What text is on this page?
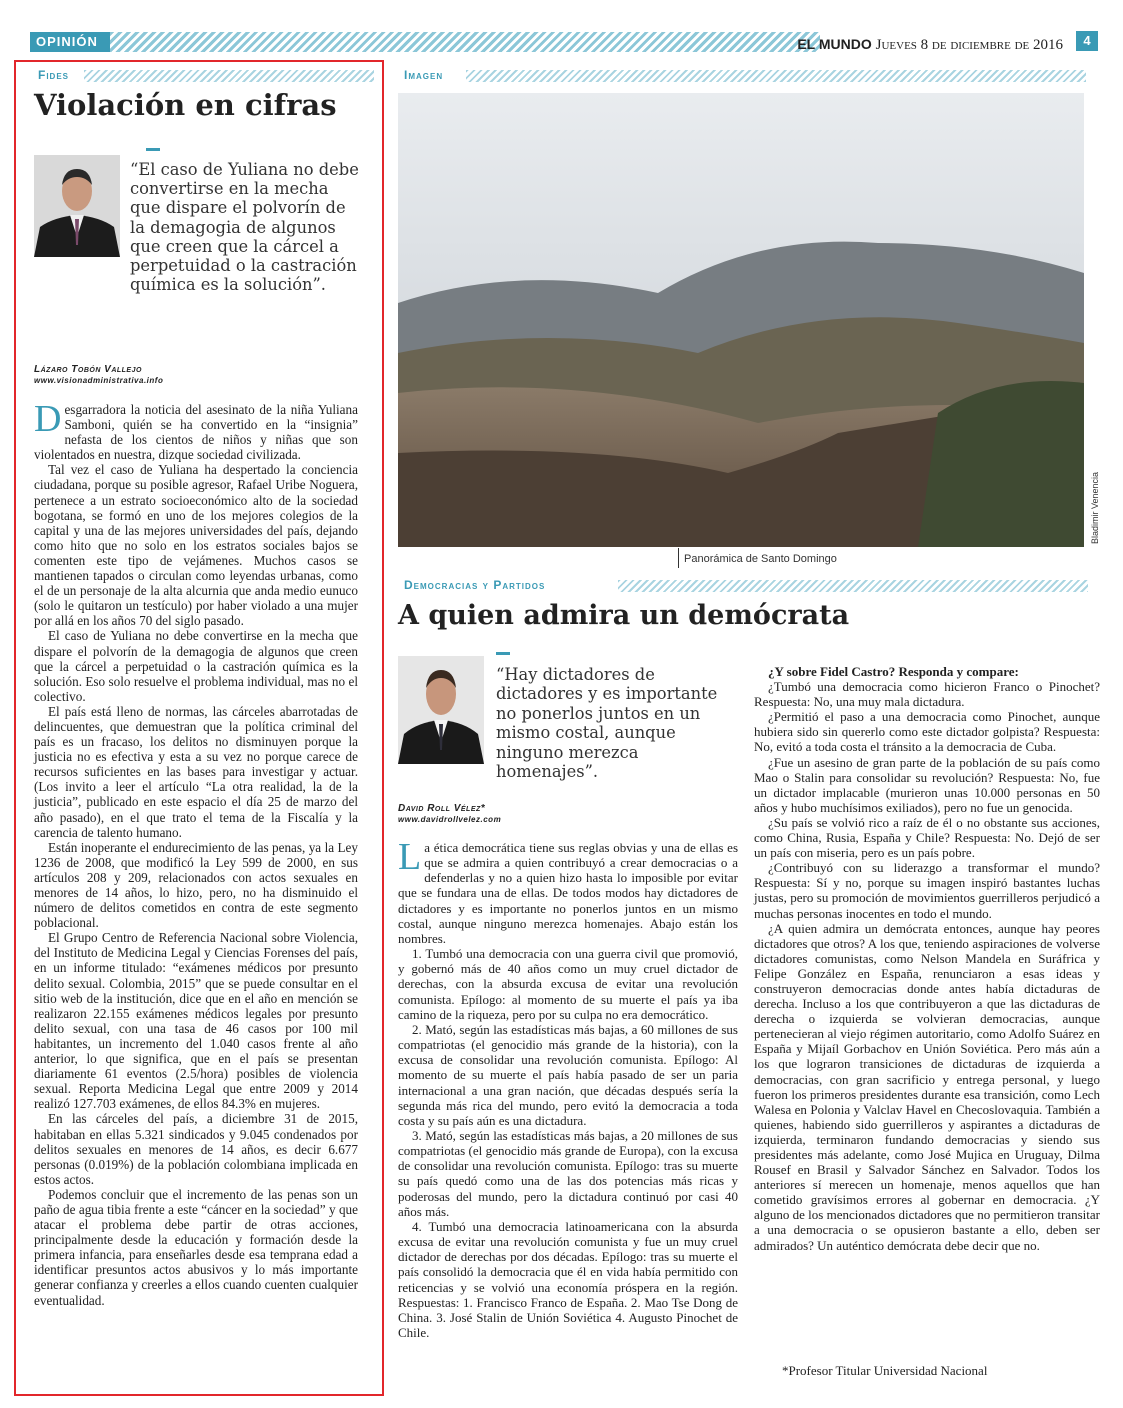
OPINIÓN	EL MUNDO Jueves 8 de diciembre de 2016	4
Fides
Violación en cifras
“El caso de Yuliana no debe convertirse en la mecha que dispare el polvorín de la demagogia de algunos que creen que la cárcel a perpetuidad o la castración química es la solución”.
Lázaro Tobón Vallejo
www.visionadministrativa.info

Desgarradora la noticia del asesinato de la niña Yuliana Samboni, quién se ha convertido en la “insignia” nefasta de los cientos de niños y niñas que son violentados en nuestra, dizque sociedad civilizada.

Tal vez el caso de Yuliana ha despertado la conciencia ciudadana, porque su posible agresor, Rafael Uribe Noguera, pertenece a un estrato socioeconómico alto de la sociedad bogotana, se formó en uno de los mejores colegios de la capital y una de las mejores universidades del país, dejando como hito que no solo en los estratos sociales bajos se comenten este tipo de vejámenes. Muchos casos se mantienen tapados o circulan como leyendas urbanas, como el de un personaje de la alta alcurnia que anda medio eunuco (solo le quitaron un testículo) por haber violado a una mujer por allá en los años 70 del siglo pasado.

El caso de Yuliana no debe convertirse en la mecha que dispare el polvorín de la demagogia de algunos que creen que la cárcel a perpetuidad o la castración química es la solución. Eso solo resuelve el problema individual, mas no el colectivo.

El país está lleno de normas, las cárceles abarrotadas de delincuentes, que demuestran que la política criminal del país es un fracaso, los delitos no disminuyen porque la justicia no es efectiva y esta a su vez no porque carece de recursos suficientes en las bases para investigar y actuar. (Los invito a leer el artículo “La otra realidad, la de la justicia”, publicado en este espacio el día 25 de marzo del año pasado), en el que trato el tema de la Fiscalía y la carencia de talento humano.

Están inoperante el endurecimiento de las penas, ya la Ley 1236 de 2008, que modificó la Ley 599 de 2000, en sus artículos 208 y 209, relacionados con actos sexuales en menores de 14 años, lo hizo, pero, no ha disminuido el número de delitos cometidos en contra de este segmento poblacional.

El Grupo Centro de Referencia Nacional sobre Violencia, del Instituto de Medicina Legal y Ciencias Forenses del país, en un informe titulado: “exámenes médicos por presunto delito sexual. Colombia, 2015” que se puede consultar en el sitio web de la institución, dice que en el año en mención se realizaron 22.155 exámenes médicos legales por presunto delito sexual, con una tasa de 46 casos por 100 mil habitantes, un incremento del 1.040 casos frente al año anterior, lo que significa, que en el país se presentan diariamente 61 eventos (2.5/hora) posibles de violencia sexual. Reporta Medicina Legal que entre 2009 y 2014 realizó 127.703 exámenes, de ellos 84.3% en mujeres.

En las cárceles del país, a diciembre 31 de 2015, habitaban en ellas 5.321 sindicados y 9.045 condenados por delitos sexuales en menores de 14 años, es decir 6.677 personas (0.019%) de la población colombiana implicada en estos actos.

Podemos concluir que el incremento de las penas son un paño de agua tibia frente a este “cáncer en la sociedad” y que atacar el problema debe partir de otras acciones, principalmente desde la educación y formación desde la primera infancia, para enseñarles desde esa temprana edad a identificar presuntos actos abusivos y lo más importante generar confianza y creerles a ellos cuando cuenten cualquier eventualidad.

Imagen
Panorámica de Santo Domingo
Bladimir Venencia
Democracias y Partidos
A quien admira un demócrata
“Hay dictadores de dictadores y es importante no ponerlos juntos en un mismo costal, aunque ninguno merezca homenajes”.
David Roll Vélez*
www.davidrollvelez.com

La ética democrática tiene sus reglas obvias y una de ellas es que se admira a quien contribuyó a crear democracias o a defenderlas y no a quien hizo hasta lo imposible por evitar que se fundara una de ellas. De todos modos hay dictadores de dictadores y es importante no ponerlos juntos en un mismo costal, aunque ninguno merezca homenajes. Abajo están los nombres.

1. Tumbó una democracia con una guerra civil que promovió, y gobernó más de 40 años como un muy cruel dictador de derechas, con la absurda excusa de evitar una revolución comunista. Epílogo: al momento de su muerte el país ya iba camino de la riqueza, pero por su culpa no era democrático.

2. Mató, según las estadísticas más bajas, a 60 millones de sus compatriotas (el genocidio más grande de la historia), con la excusa de consolidar una revolución comunista. Epílogo: Al momento de su muerte el país había pasado de ser un paria internacional a una gran nación, que décadas después sería la segunda más rica del mundo, pero evitó la democracia a toda costa y su país aún es una dictadura.

3. Mató, según las estadísticas más bajas, a 20 millones de sus compatriotas (el genocidio más grande de Europa), con la excusa de consolidar una revolución comunista. Epílogo: tras su muerte su país quedó como una de las dos potencias más ricas y poderosas del mundo, pero la dictadura continuó por casi 40 años más.

4. Tumbó una democracia latinoamericana con la absurda excusa de evitar una revolución comunista y fue un muy cruel dictador de derechas por dos décadas. Epílogo: tras su muerte el país consolidó la democracia que él en vida había permitido con reticencias y se volvió una economía próspera en la región. Respuestas: 1. Francisco Franco de España. 2. Mao Tse Dong de China. 3. José Stalin de Unión Soviética 4. Augusto Pinochet de Chile.

¿Y sobre Fidel Castro? Responda y compare:

¿Tumbó una democracia como hicieron Franco o Pinochet? Respuesta: No, una muy mala dictadura.

¿Permitió el paso a una democracia como Pinochet, aunque hubiera sido sin quererlo como este dictador golpista? Respuesta: No, evitó a toda costa el tránsito a la democracia de Cuba.

¿Fue un asesino de gran parte de la población de su país como Mao o Stalin para consolidar su revolución? Respuesta: No, fue un dictador implacable (murieron unas 10.000 personas en 50 años y hubo muchísimos exiliados), pero no fue un genocida.

¿Su país se volvió rico a raíz de él o no obstante sus acciones, como China, Rusia, España y Chile? Respuesta: No. Dejó de ser un país con miseria, pero es un país pobre.

¿Contribuyó con su liderazgo a transformar el mundo? Respuesta: Sí y no, porque su imagen inspiró bastantes luchas justas, pero su promoción de movimientos guerrilleros perjudicó a muchas personas inocentes en todo el mundo.

¿A quien admira un demócrata entonces, aunque hay peores dictadores que otros? A los que, teniendo aspiraciones de volverse dictadores comunistas, como Nelson Mandela en Suráfrica y Felipe González en España, renunciaron a esas ideas y construyeron democracias donde antes había dictaduras de derecha. Incluso a los que contribuyeron a que las dictaduras de derecha o izquierda se volvieran democracias, aunque pertenecieran al viejo régimen autoritario, como Adolfo Suárez en España y Mijaíl Gorbachov en Unión Soviética. Pero más aún a los que lograron transiciones de dictaduras de izquierda a democracias, con gran sacrificio y entrega personal, y luego fueron los primeros presidentes durante esa transición, como Lech Walesa en Polonia y Valclav Havel en Checoslovaquia. También a quienes, habiendo sido guerrilleros y aspirantes a dictaduras de izquierda, terminaron fundando democracias y siendo sus presidentes más adelante, como José Mujica en Uruguay, Dilma Rousef en Brasil y Salvador Sánchez en Salvador. Todos los anteriores sí merecen un homenaje, menos aquellos que han cometido gravísimos errores al gobernar en democracia. ¿Y alguno de los mencionados dictadores que no permitieron transitar a una democracia o se opusieron bastante a ello, deben ser admirados? Un auténtico demócrata debe decir que no.

*Profesor Titular Universidad Nacional
